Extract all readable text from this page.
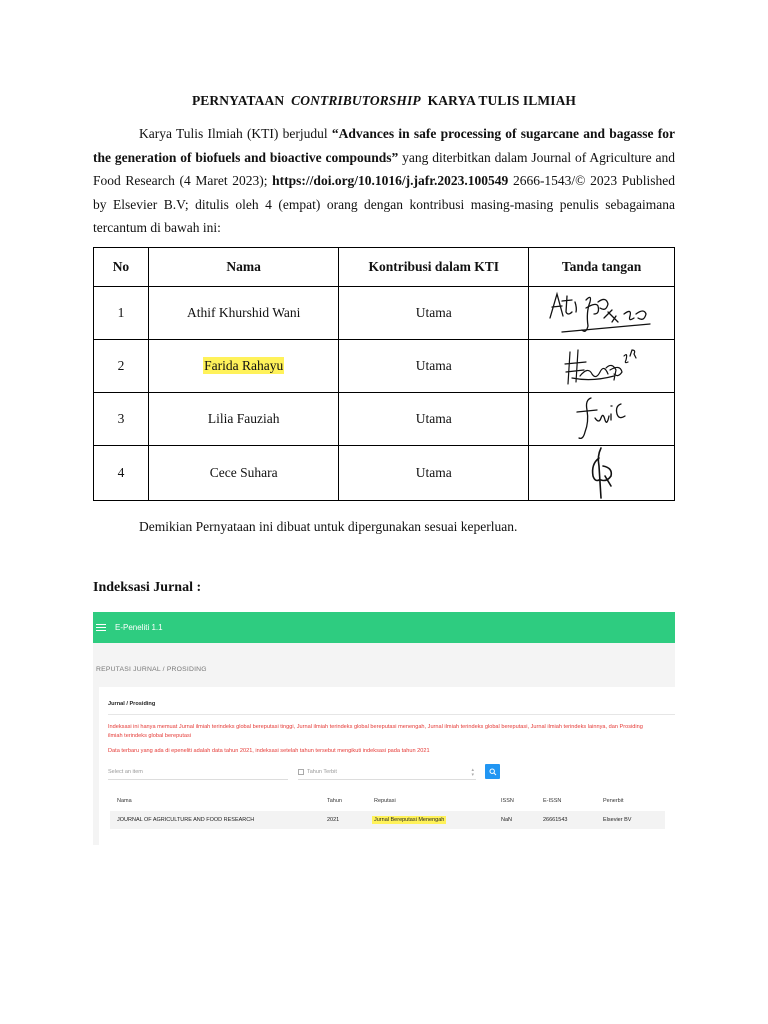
PERNYATAAN CONTRIBUTORSHIP KARYA TULIS ILMIAH
Karya Tulis Ilmiah (KTI) berjudul “Advances in safe processing of sugarcane and bagasse for the generation of biofuels and bioactive compounds” yang diterbitkan dalam Journal of Agriculture and Food Research (4 Maret 2023); https://doi.org/10.1016/j.jafr.2023.100549 2666-1543/© 2023 Published by Elsevier B.V; ditulis oleh 4 (empat) orang dengan kontribusi masing-masing penulis sebagaimana tercantum di bawah ini:
No	Nama	Kontribusi dalam KTI	Tanda tangan
1	Athif Khurshid Wani	Utama	

2	Farida Rahayu	Utama	

3	Lilia Fauziah	Utama	

4	Cece Suhara	Utama	
Demikian Pernyataan ini dibuat untuk dipergunakan sesuai keperluan.
Indeksasi Jurnal :
E-Peneliti 1.1
REPUTASI JURNAL / PROSIDING
Jurnal / Prosiding
Indeksasi ini hanya memuat Jurnal ilmiah terindeks global bereputasi tinggi, Jurnal ilmiah terindeks global bereputasi menengah, Jurnal ilmiah terindeks global bereputasi, Jurnal ilmiah terindeks lainnya, dan Prosiding ilmiah terindeks global bereputasi
Data terbaru yang ada di epeneliti adalah data tahun 2021, indeksasi setelah tahun tersebut mengikuti indeksasi pada tahun 2021
Select an item	Tahun Terbit	▴
▾
Nama	Tahun	Reputasi	ISSN	E-ISSN	Penerbit
JOURNAL OF AGRICULTURE AND FOOD RESEARCH	2021	Jurnal Bereputasi Menengah	NaN	26661543	Elsevier BV
